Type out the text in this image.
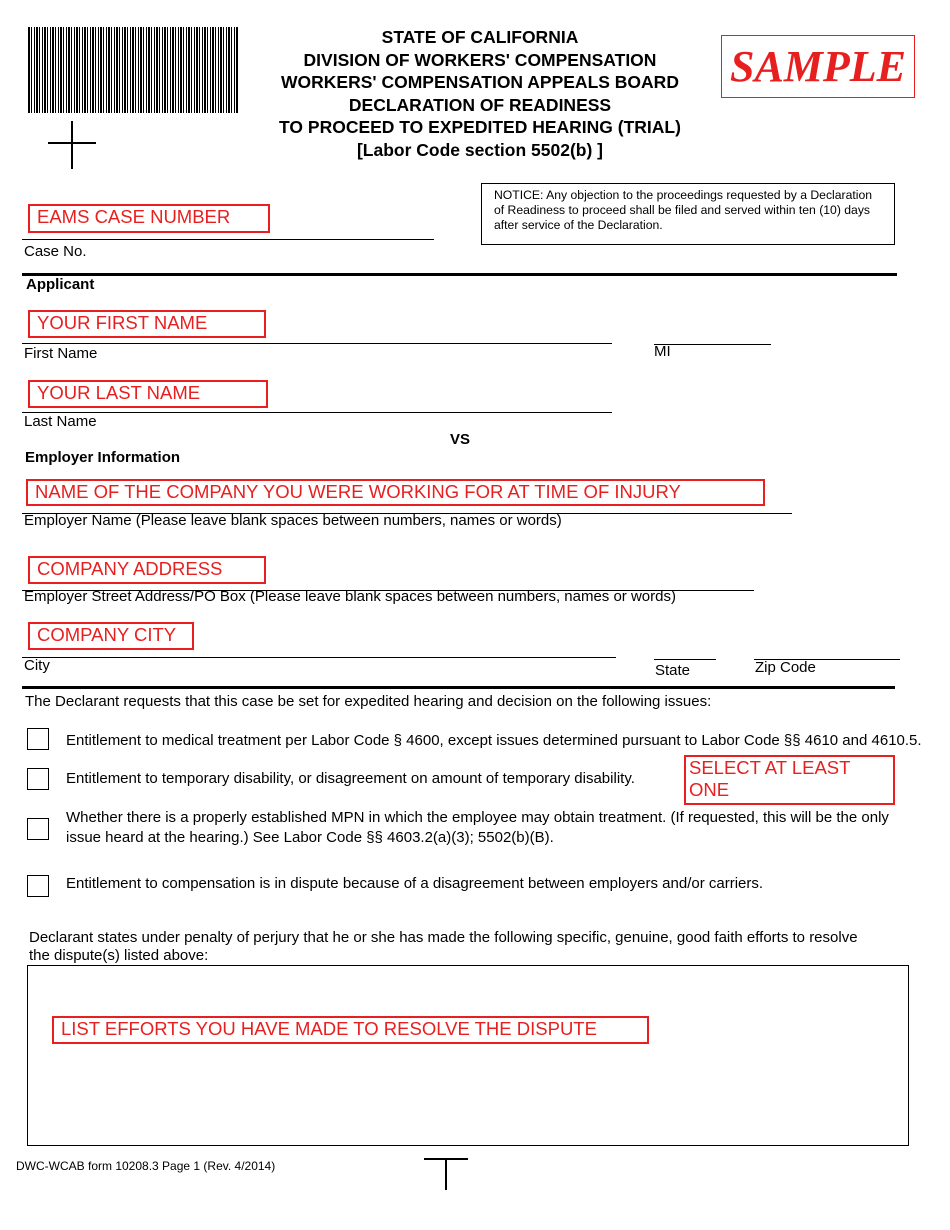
STATE OF CALIFORNIA
DIVISION OF WORKERS' COMPENSATION
WORKERS' COMPENSATION APPEALS BOARD
DECLARATION OF READINESS
TO PROCEED TO EXPEDITED HEARING (TRIAL)
[Labor Code section 5502(b) ]
SAMPLE
EAMS CASE NUMBER
Case No.
NOTICE: Any objection to the proceedings requested by a Declaration of Readiness to proceed shall be filed and served within ten (10) days after service of the Declaration.
Applicant
YOUR FIRST NAME
First Name	MI
YOUR LAST NAME
Last Name
VS
Employer Information
NAME OF THE COMPANY YOU WERE WORKING FOR AT TIME OF INJURY
Employer Name (Please leave blank spaces between numbers, names or words)
COMPANY ADDRESS
Employer Street Address/PO Box (Please leave blank spaces between numbers, names or words)
COMPANY CITY
City	State	Zip Code
The Declarant requests that this case be set for expedited hearing and decision on the following issues:
Entitlement to medical treatment per Labor Code § 4600, except issues determined pursuant to Labor Code §§ 4610 and 4610.5.
Entitlement to temporary disability, or disagreement on amount of temporary disability.
SELECT AT LEAST ONE
Whether there is a properly established MPN in which the employee may obtain treatment. (If requested, this will be the only issue heard at the hearing.) See Labor Code §§ 4603.2(a)(3); 5502(b)(B).
Entitlement to compensation is in dispute because of a disagreement between employers and/or carriers.
Declarant states under penalty of perjury that he or she has made the following specific, genuine, good faith efforts to resolve the dispute(s) listed above:
LIST EFFORTS YOU HAVE MADE TO RESOLVE THE DISPUTE
DWC-WCAB form 10208.3 Page 1 (Rev. 4/2014)
